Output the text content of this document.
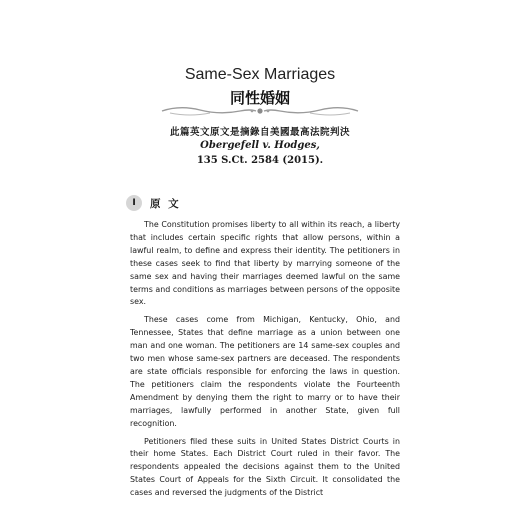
Same-Sex Marriages
同性婚姻
此篇英文原文是摘錄自美國最高法院判決
Obergefell v. Hodges,
135 S.Ct. 2584 (2015).
I	原 文

The Constitution promises liberty to all within its reach, a liberty that includes certain specific rights that allow persons, within a lawful realm, to define and express their identity. The petitioners in these cases seek to find that liberty by marrying someone of the same sex and having their marriages deemed lawful on the same terms and conditions as marriages between persons of the opposite sex.

These cases come from Michigan, Kentucky, Ohio, and Tennessee, States that define marriage as a union between one man and one woman. The petitioners are 14 same-sex couples and two men whose same-sex partners are deceased. The respondents are state officials responsible for enforcing the laws in question. The petitioners claim the respondents violate the Fourteenth Amendment by denying them the right to marry or to have their marriages, lawfully performed in another State, given full recognition.

Petitioners filed these suits in United States District Courts in their home States. Each District Court ruled in their favor. The respondents appealed the decisions against them to the United States Court of Appeals for the Sixth Circuit. It consolidated the cases and reversed the judgments of the District
